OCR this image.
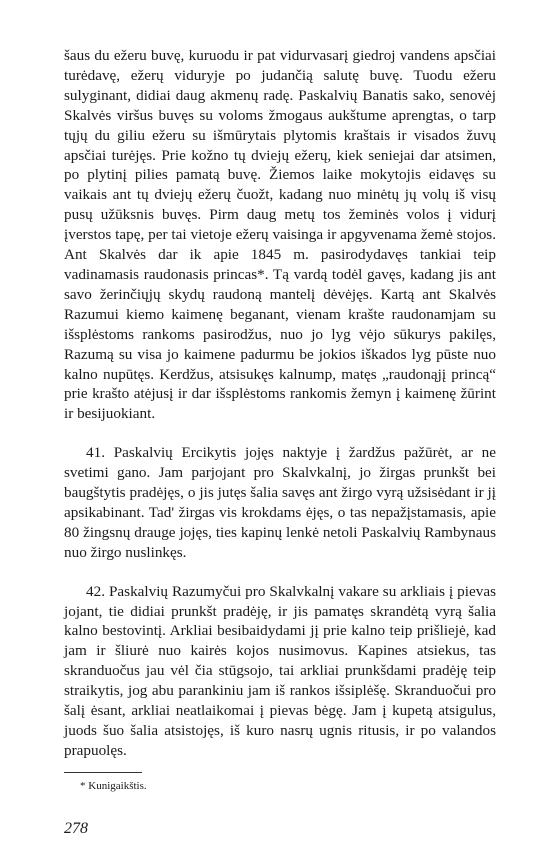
šaus du ežeru buvę, kuruodu ir pat vidurvasarį giedroj vandens apsčiai turėdavę, ežerų viduryje po judančią salutę buvę. Tuodu ežeru sulyginant, didiai daug akmenų radę. Paskalvių Banatis sako, senovėj Skalvės viršus buvęs su voloms žmogaus aukštume aprengtas, o tarp tųjų du giliu ežeru su išmūrytais plytomis kraštais ir visados žuvų apsčiai turėjęs. Prie kožno tų dviejų ežerų, kiek seniejai dar atsimen, po plytinį pilies pamatą buvę. Žiemos laike mokytojis eidavęs su vaikais ant tų dviejų ežerų čuožt, kadang nuo minėtų jų volų iš visų pusų užūksnis buvęs. Pirm daug metų tos žeminės volos į vidurį įverstos tapę, per tai vietoje ežerų vaisinga ir apgyvenama žemė stojos. Ant Skalvės dar ik apie 1845 m. pasirodydavęs tankiai teip vadinamasis raudonasis princas*. Tą vardą todėl gavęs, kadang jis ant savo žerinčiųjų skydų raudoną mantelį dėvėjęs. Kartą ant Skalvės Razumui kiemo kaimenę beganant, vienam krašte raudonamjam su išsplėstoms rankoms pasirodžus, nuo jo lyg vėjo sūkurys pakilęs, Razumą su visa jo kaimene padurmu be jokios iškados lyg pūste nuo kalno nupūtęs. Kerdžus, atsisukęs kalnump, matęs „raudonąjį princą“ prie krašto atėjusį ir dar išsplėstoms rankomis žemyn į kaimenę žūrint ir besijuokiant.

41. Paskalvių Ercikytis jojęs naktyje į žardžus pažūrėt, ar ne svetimi gano. Jam parjojant pro Skalvkalnį, jo žirgas prunkšt bei baugštytis pradėjęs, o jis jutęs šalia savęs ant žirgo vyrą užsisėdant ir jį apsikabinant. Tad' žirgas vis krokdams ėjęs, o tas nepažįstamasis, apie 80 žingsnų drauge jojęs, ties kapinų lenkė netoli Paskalvių Rambynaus nuo žirgo nuslinkęs.

42. Paskalvių Razumyčui pro Skalvkalnį vakare su arkliais į pievas jojant, tie didiai prunkšt pradėję, ir jis pamatęs skrandėtą vyrą šalia kalno bestovintį. Arkliai besibaidydami jį prie kalno teip prišliejė, kad jam ir šliurė nuo kairės kojos nusimovus. Kapines atsiekus, tas skranduočus jau vėl čia stūgsojo, tai arkliai prunkšdami pradėję teip straikytis, jog abu parankiniu jam iš rankos išsiplėšę. Skranduočui pro šalį ėsant, arkliai neatlaikomai į pievas bėgę. Jam į kupetą atsigulus, juods šuo šalia atsistojęs, iš kuro nasrų ugnis ritusis, ir po valandos prapuolęs.

* Kunigaikštis.
278
